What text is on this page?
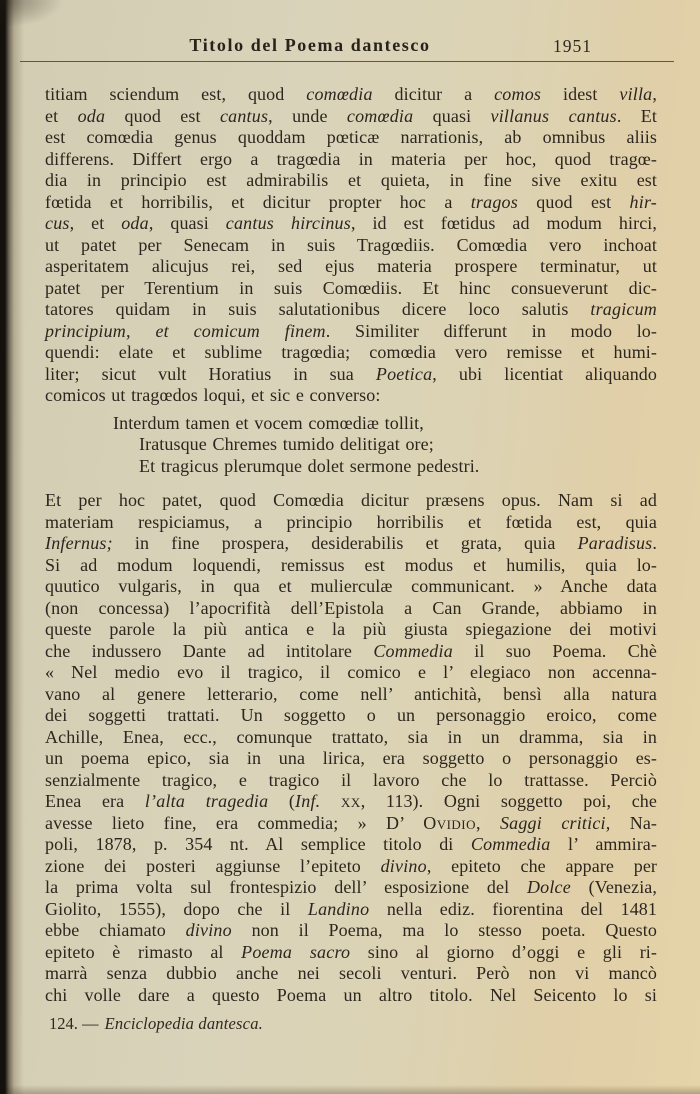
Titolo del Poema dantesco	1951
titiam sciendum est, quod comœdia dicitur a comos idest villa,
et oda quod est cantus, unde comœdia quasi villanus cantus. Et
est comœdia genus quoddam pœticæ narrationis, ab omnibus aliis
differens. Differt ergo a tragœdia in materia per hoc, quod tragœ-
dia in principio est admirabilis et quieta, in fine sive exitu est
fœtida et horribilis, et dicitur propter hoc a tragos quod est hir-
cus, et oda, quasi cantus hircinus, id est fœtidus ad modum hirci,
ut patet per Senecam in suis Tragœdiis. Comœdia vero inchoat
asperitatem alicujus rei, sed ejus materia prospere terminatur, ut
patet per Terentium in suis Comœdiis. Et hinc consueverunt dic-
tatores quidam in suis salutationibus dicere loco salutis tragicum
principium, et comicum finem. Similiter differunt in modo lo-
quendi: elate et sublime tragœdia; comœdia vero remisse et humi-
liter; sicut vult Horatius in sua Poetica, ubi licentiat aliquando
comicos ut tragœdos loqui, et sic e converso:
Interdum tamen et vocem comœdiæ tollit,
Iratusque Chremes tumido delitigat ore;
Et tragicus plerumque dolet sermone pedestri.
Et per hoc patet, quod Comœdia dicitur præsens opus. Nam si ad
materiam respiciamus, a principio horribilis et fœtida est, quia
Infernus; in fine prospera, desiderabilis et grata, quia Paradisus.
Si ad modum loquendi, remissus est modus et humilis, quia lo-
quutico vulgaris, in qua et mulierculæ communicant. » Anche data
(non concessa) l’apocrifità dell’Epistola a Can Grande, abbiamo in
queste parole la più antica e la più giusta spiegazione dei motivi
che indussero Dante ad intitolare Commedia il suo Poema. Chè
« Nel medio evo il tragico, il comico e l’ elegiaco non accenna-
vano al genere letterario, come nell’ antichità, bensì alla natura
dei soggetti trattati. Un soggetto o un personaggio eroico, come
Achille, Enea, ecc., comunque trattato, sia in un dramma, sia in
un poema epico, sia in una lirica, era soggetto o personaggio es-
senzialmente tragico, e tragico il lavoro che lo trattasse. Perciò
Enea era l’alta tragedia (Inf. xx, 113). Ogni soggetto poi, che
avesse lieto fine, era commedia; » D’ Ovidio, Saggi critici, Na-
poli, 1878, p. 354 nt. Al semplice titolo di Commedia l’ ammira-
zione dei posteri aggiunse l’epiteto divino, epiteto che appare per
la prima volta sul frontespizio dell’ esposizione del Dolce (Venezia,
Giolito, 1555), dopo che il Landino nella ediz. fiorentina del 1481
ebbe chiamato divino non il Poema, ma lo stesso poeta. Questo
epiteto è rimasto al Poema sacro sino al giorno d’oggi e gli ri-
marrà senza dubbio anche nei secoli venturi. Però non vi mancò
chi volle dare a questo Poema un altro titolo. Nel Seicento lo si
124. — Enciclopedia dantesca.
